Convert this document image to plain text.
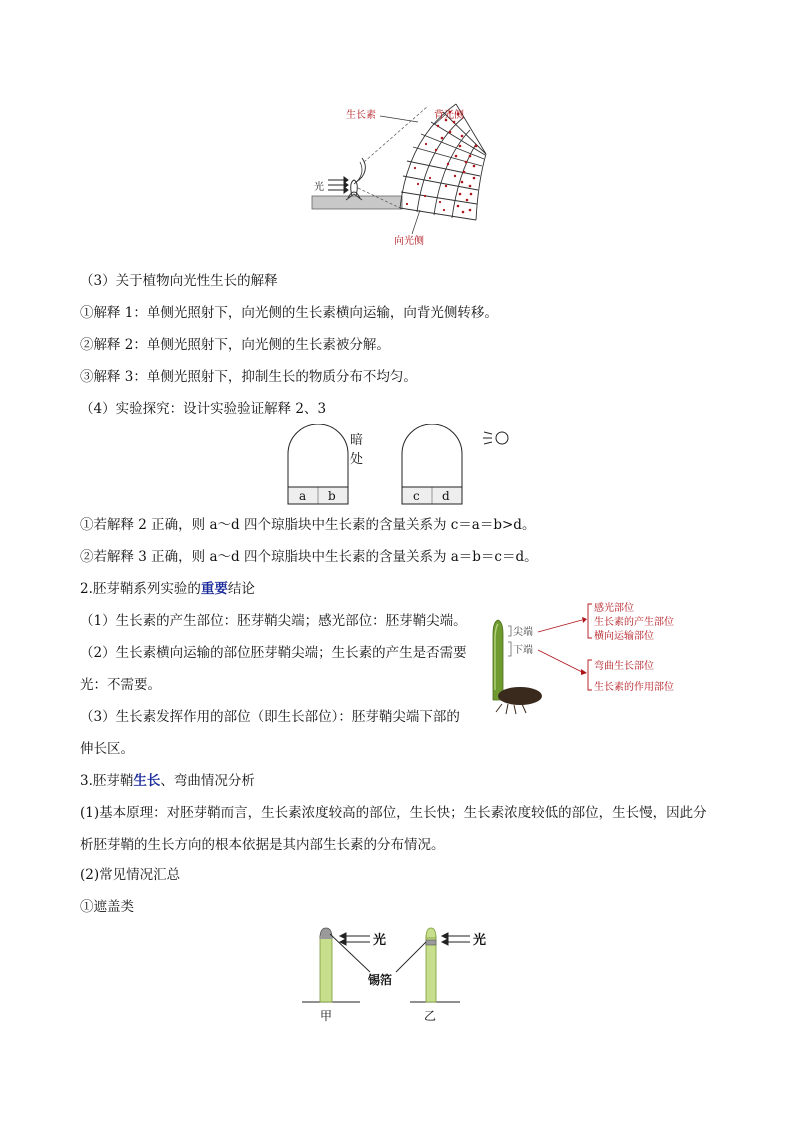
光
生长素	背光侧
向光侧
（3）关于植物向光性生长的解释
①解释 1：单侧光照射下，向光侧的生长素横向运输，向背光侧转移。
②解释 2：单侧光照射下，向光侧的生长素被分解。
③解释 3：单侧光照射下，抑制生长的物质分布不均匀。
（4）实验探究：设计实验验证解释 2、3
a b	c d
暗
处
①若解释 2 正确，则 a～d 四个琼脂块中生长素的含量关系为 c＝a＝b>d。
②若解释 3 正确，则 a～d 四个琼脂块中生长素的含量关系为 a＝b＝c＝d。
2.胚芽鞘系列实验的重要结论
（1）生长素的产生部位：胚芽鞘尖端；感光部位：胚芽鞘尖端。
（2）生长素横向运输的部位胚芽鞘尖端；生长素的产生是否需要
光：不需要。
（3）生长素发挥作用的部位（即生长部位）：胚芽鞘尖端下部的
伸长区。
尖端
下端
感光部位
生长素的产生部位
横向运输部位
弯曲生长部位
生长素的作用部位
3.胚芽鞘生长、弯曲情况分析
(1)基本原理：对胚芽鞘而言，生长素浓度较高的部位，生长快；生长素浓度较低的部位，生长慢，因此分
析胚芽鞘的生长方向的根本依据是其内部生长素的分布情况。
(2)常见情况汇总
①遮盖类
光	光
锡箔
甲	乙
